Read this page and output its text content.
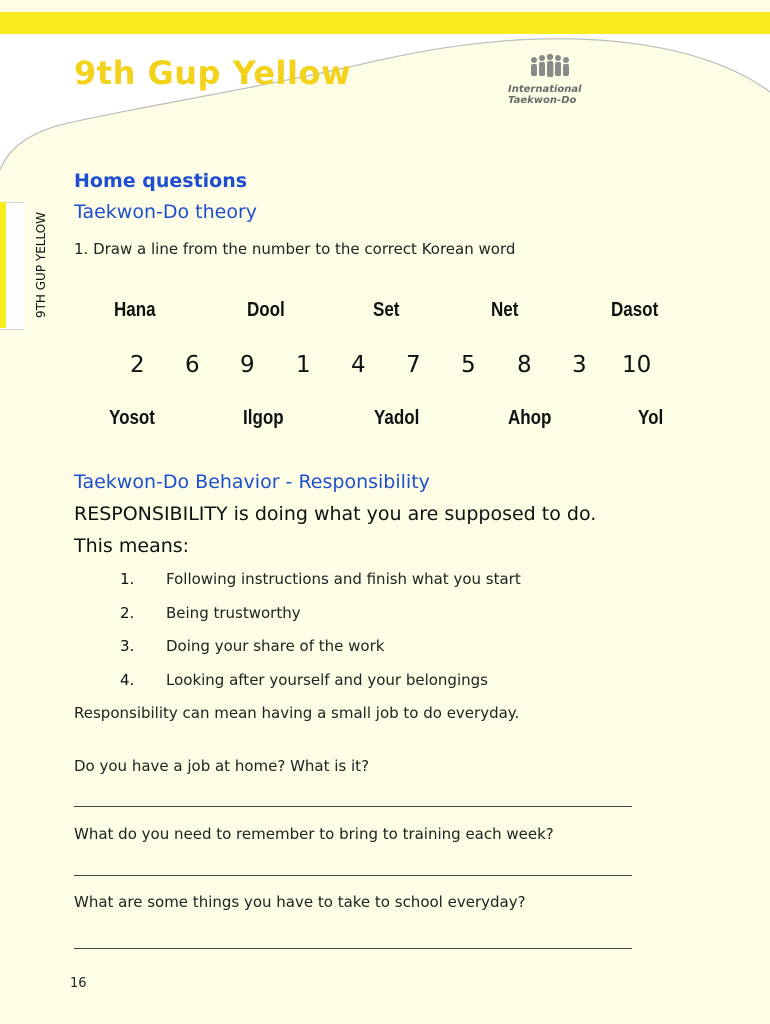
9th Gup Yellow	International
Taekwon-Do
9TH GUP YELLOW
Home questions
Taekwon-Do theory
1. Draw a line from the number to the correct Korean word
Hana	Dool	Set	Net	Dasot
2 6 9 1 4 7 5 8 3 10
Yosot	Ilgop	Yadol	Ahop	Yol
Taekwon-Do Behavior - Responsibility
RESPONSIBILITY is doing what you are supposed to do.
This means:
1. Following instructions and finish what you start
2. Being trustworthy
3. Doing your share of the work
4. Looking after yourself and your belongings
Responsibility can mean having a small job to do everyday.
Do you have a job at home? What is it?
What do you need to remember to bring to training each week?
What are some things you have to take to school everyday?
16
